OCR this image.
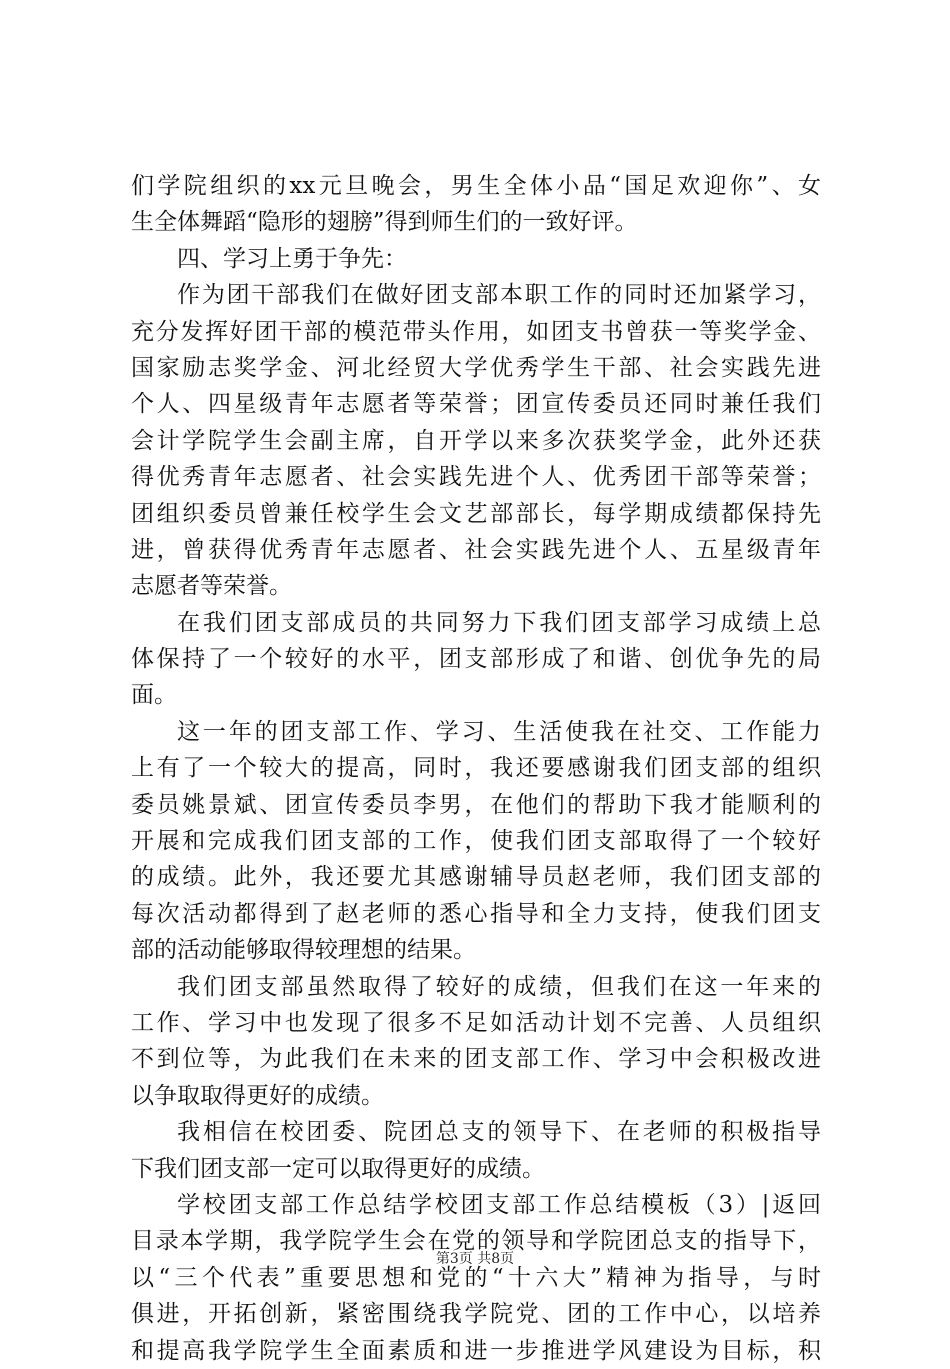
们学院组织的xx元旦晚会，男生全体小品“国足欢迎你”、女
生全体舞蹈“隐形的翅膀”得到师生们的一致好评。
四、学习上勇于争先：
作为团干部我们在做好团支部本职工作的同时还加紧学习，
充分发挥好团干部的模范带头作用，如团支书曾获一等奖学金、
国家励志奖学金、河北经贸大学优秀学生干部、社会实践先进
个人、四星级青年志愿者等荣誉；团宣传委员还同时兼任我们
会计学院学生会副主席，自开学以来多次获奖学金，此外还获
得优秀青年志愿者、社会实践先进个人、优秀团干部等荣誉；
团组织委员曾兼任校学生会文艺部部长，每学期成绩都保持先
进，曾获得优秀青年志愿者、社会实践先进个人、五星级青年
志愿者等荣誉。
在我们团支部成员的共同努力下我们团支部学习成绩上总
体保持了一个较好的水平，团支部形成了和谐、创优争先的局
面。
这一年的团支部工作、学习、生活使我在社交、工作能力
上有了一个较大的提高，同时，我还要感谢我们团支部的组织
委员姚景斌、团宣传委员李男，在他们的帮助下我才能顺利的
开展和完成我们团支部的工作，使我们团支部取得了一个较好
的成绩。此外，我还要尤其感谢辅导员赵老师，我们团支部的
每次活动都得到了赵老师的悉心指导和全力支持，使我们团支
部的活动能够取得较理想的结果。
我们团支部虽然取得了较好的成绩，但我们在这一年来的
工作、学习中也发现了很多不足如活动计划不完善、人员组织
不到位等，为此我们在未来的团支部工作、学习中会积极改进
以争取取得更好的成绩。
我相信在校团委、院团总支的领导下、在老师的积极指导
下我们团支部一定可以取得更好的成绩。
学校团支部工作总结学校团支部工作总结模板（3）|返回
目录本学期，我学院学生会在党的领导和学院团总支的指导下，
以“三个代表”重要思想和党的“十六大”精神为指导，与时
俱进，开拓创新，紧密围绕我学院党、团的工作中心，以培养
和提高我学院学生全面素质和进一步推进学风建设为目标，积
第3页 共8页
